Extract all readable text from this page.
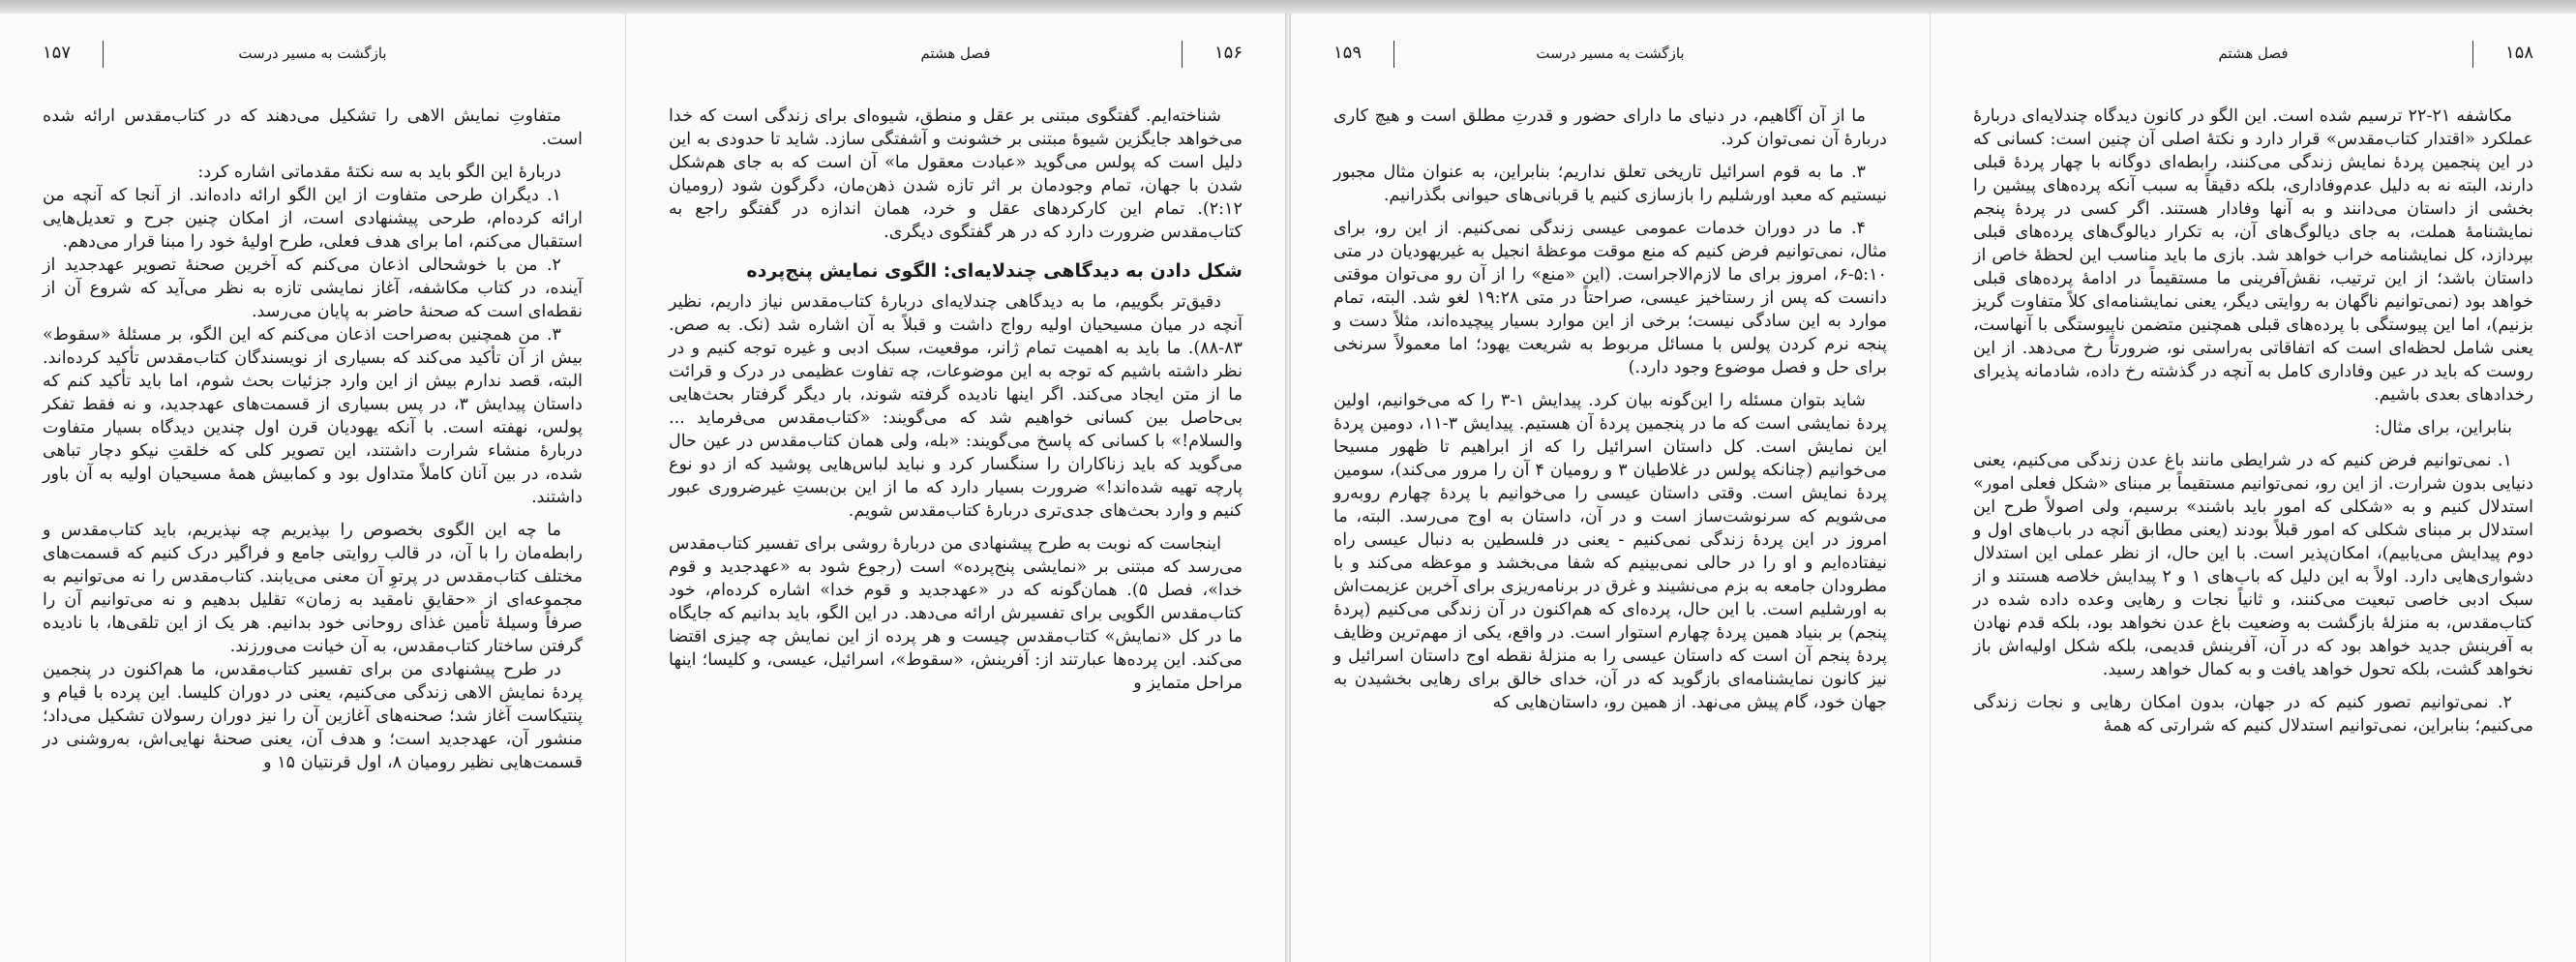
۱۵۷	بازگشت به مسیر درست

متفاوتِ نمایش الاهی را تشکیل می‌دهند که در کتاب‌مقدس ارائه شده است.

دربارهٔ این الگو باید به سه نکتهٔ مقدماتی اشاره کرد:

۱. دیگران طرحی متفاوت از این الگو ارائه داده‌اند. از آنجا که آنچه من ارائه کرده‌ام، طرحی پیشنهادی است، از امکان چنین جرح و تعدیل‌هایی استقبال می‌کنم، اما برای هدف فعلی، طرح اولیهٔ خود را مبنا قرار می‌دهم.

۲. من با خوشحالی اذعان می‌کنم که آخرین صحنهٔ تصویر عهدجدید از آینده، در کتاب مکاشفه، آغاز نمایشی تازه به نظر می‌آید که شروع آن از نقطه‌ای است که صحنهٔ حاضر به پایان می‌رسد.

۳. من همچنین به‌صراحت اذعان می‌کنم که این الگو، بر مسئلهٔ «سقوط» بیش از آن تأکید می‌کند که بسیاری از نویسندگان کتاب‌مقدس تأکید کرده‌اند. البته، قصد ندارم بیش از این وارد جزئیات بحث شوم، اما باید تأکید کنم که داستان پیدایش ۳، در پس بسیاری از قسمت‌های عهدجدید، و نه فقط تفکر پولس، نهفته است. با آنکه یهودیان قرن اول چندین دیدگاه بسیار متفاوت دربارهٔ منشاء شرارت داشتند، این تصویر کلی که خلقتِ نیکو دچار تباهی شده، در بین آنان کاملاً متداول بود و کمابیش همهٔ مسیحیان اولیه به آن باور داشتند.

ما چه این الگوی بخصوص را بپذیریم چه نپذیریم، باید کتاب‌مقدس و رابطه‌مان را با آن، در قالب روایتی جامع و فراگیر درک کنیم که قسمت‌های مختلف کتاب‌مقدس در پرتوِ آن معنی می‌یابند. کتاب‌مقدس را نه می‌توانیم به مجموعه‌ای از «حقایقِ نامقید به زمان» تقلیل بدهیم و نه می‌توانیم آن را صرفاً وسیلهٔ تأمین غذای روحانی خود بدانیم. هر یک از این تلقی‌ها، با نادیده گرفتن ساختار کتاب‌مقدس، به آن خیانت می‌ورزند.

در طرح پیشنهادی من برای تفسیر کتاب‌مقدس، ما هم‌اکنون در پنجمین پردهٔ نمایش الاهی زندگی می‌کنیم، یعنی در دوران کلیسا. این پرده با قیام و پنتیکاست آغاز شد؛ صحنه‌های آغازین آن را نیز دوران رسولان تشکیل می‌داد؛ منشور آن، عهدجدید است؛ و هدف آن، یعنی صحنهٔ نهایی‌اش، به‌روشنی در قسمت‌هایی نظیر رومیان ۸، اول قرنتیان ۱۵ و

۱۵۶
فصل هشتم

شناخته‌ایم. گفتگوی مبتنی بر عقل و منطق، شیوه‌ای برای زندگی است که خدا می‌خواهد جایگزین شیوهٔ مبتنی بر خشونت و آشفتگی سازد. شاید تا حدودی به این دلیل است که پولس می‌گوید «عبادت معقول ما» آن است که به جای هم‌شکل شدن با جهان، تمام وجودمان بر اثر تازه شدن ذهن‌مان، دگرگون شود (رومیان ۲:۱۲). تمام این کارکردهای عقل و خرد، همان اندازه در گفتگو راجع به کتاب‌مقدس ضرورت دارد که در هر گفتگوی دیگری.

شکل دادن به دیدگاهی چندلایه‌ای: الگوی نمایش پنج‌پرده

دقیق‌تر بگوییم، ما به دیدگاهی چندلایه‌ای دربارهٔ کتاب‌مقدس نیاز داریم، نظیر آنچه در میان مسیحیان اولیه رواج داشت و قبلاً به آن اشاره شد (نک. به صص. ۸۳-۸۸). ما باید به اهمیت تمام ژانر، موقعیت، سبک ادبی و غیره توجه کنیم و در نظر داشته باشیم که توجه به این موضوعات، چه تفاوت عظیمی در درک و قرائت ما از متن ایجاد می‌کند. اگر اینها نادیده گرفته شوند، بار دیگر گرفتار بحث‌هایی بی‌حاصل بین کسانی خواهیم شد که می‌گویند: «کتاب‌مقدس می‌فرماید ... والسلام!» با کسانی که پاسخ می‌گویند: «بله، ولی همان کتاب‌مقدس در عین حال می‌گوید که باید زناکاران را سنگسار کرد و نباید لباس‌هایی پوشید که از دو نوع پارچه تهیه شده‌اند!» ضرورت بسیار دارد که ما از این بن‌بستِ غیرضروری عبور کنیم و وارد بحث‌های جدی‌تری دربارهٔ کتاب‌مقدس شویم.

اینجاست که نوبت به طرح پیشنهادی من دربارهٔ روشی برای تفسیر کتاب‌مقدس می‌رسد که مبتنی بر «نمایشی پنج‌پرده» است (رجوع شود به «عهدجدید و قوم خدا»، فصل ۵). همان‌گونه که در «عهدجدید و قوم خدا» اشاره کرده‌ام، خود کتاب‌مقدس الگویی برای تفسیرش ارائه می‌دهد. در این الگو، باید بدانیم که جایگاه ما در کل «نمایش» کتاب‌مقدس چیست و هر پرده از این نمایش چه چیزی اقتضا می‌کند. این پرده‌ها عبارتند از: آفرینش، «سقوط»، اسرائیل، عیسی، و کلیسا؛ اینها مراحل متمایز و

۱۵۹	بازگشت به مسیر درست

ما از آن آگاهیم، در دنیای ما دارای حضور و قدرتِ مطلق است و هیچ کاری دربارهٔ آن نمی‌توان کرد.

۳. ما به قوم اسرائیل تاریخی تعلق نداریم؛ بنابراین، به عنوان مثال مجبور نیستیم که معبد اورشلیم را بازسازی کنیم یا قربانی‌های حیوانی بگذرانیم.

۴. ما در دوران خدمات عمومی عیسی زندگی نمی‌کنیم. از این رو، برای مثال، نمی‌توانیم فرض کنیم که منع موقت موعظهٔ انجیل به غیریهودیان در متی ۵:۱۰-۶، امروز برای ما لازم‌الاجراست. (این «منع» را از آن رو می‌توان موقتی دانست که پس از رستاخیز عیسی، صراحتاً در متی ۱۹:۲۸ لغو شد. البته، تمام موارد به این سادگی نیست؛ برخی از این موارد بسیار پیچیده‌اند، مثلاً دست و پنجه نرم کردن پولس با مسائل مربوط به شریعت یهود؛ اما معمولاً سرنخی برای حل و فصل موضوع وجود دارد.)

شاید بتوان مسئله را این‌گونه بیان کرد. پیدایش ۱-۳ را که می‌خوانیم، اولین پردهٔ نمایشی است که ما در پنجمین پردهٔ آن هستیم. پیدایش ۳-۱۱، دومین پردهٔ این نمایش است. کل داستان اسرائیل را که از ابراهیم تا ظهور مسیحا می‌خوانیم (چنانکه پولس در غلاطیان ۳ و رومیان ۴ آن را مرور می‌کند)، سومین پردهٔ نمایش است. وقتی داستان عیسی را می‌خوانیم با پردهٔ چهارم روبه‌رو می‌شویم که سرنوشت‌ساز است و در آن، داستان به اوج می‌رسد. البته، ما امروز در این پردهٔ زندگی نمی‌کنیم - یعنی در فلسطین به دنبال عیسی راه نیفتاده‌ایم و او را در حالی نمی‌بینیم که شفا می‌بخشد و موعظه می‌کند و با مطرودان جامعه به بزم می‌نشیند و غرق در برنامه‌ریزی برای آخرین عزیمت‌اش به اورشلیم است. با این حال، پرده‌ای که هم‌اکنون در آن زندگی می‌کنیم (پردهٔ پنجم) بر بنیاد همین پردهٔ چهارم استوار است. در واقع، یکی از مهم‌ترین وظایف پردهٔ پنجم آن است که داستان عیسی را به منزلهٔ نقطه اوج داستان اسرائیل و نیز کانون نمایشنامه‌ای بازگوید که در آن، خدای خالق برای رهایی بخشیدن به جهان خود، گام پیش می‌نهد. از همین رو، داستان‌هایی که

۱۵۸
فصل هشتم

مکاشفه ۲۱-۲۲ ترسیم شده است. این الگو در کانون دیدگاه چندلایه‌ای دربارهٔ عملکرد «اقتدار کتاب‌مقدس» قرار دارد و نکتهٔ اصلی آن چنین است: کسانی که در این پنجمین پردهٔ نمایش زندگی می‌کنند، رابطه‌ای دوگانه با چهار پردهٔ قبلی دارند، البته نه به دلیل عدم‌وفاداری، بلکه دقیقاً به سبب آنکه پرده‌های پیشین را بخشی از داستان می‌دانند و به آنها وفادار هستند. اگر کسی در پردهٔ پنجم نمایشنامهٔ هملت، به جای دیالوگ‌های آن، به تکرار دیالوگ‌های پرده‌های قبلی بپردازد، کل نمایشنامه خراب خواهد شد. بازی ما باید مناسب این لحظهٔ خاص از داستان باشد؛ از این ترتیب، نقش‌آفرینی ما مستقیماً در ادامهٔ پرده‌های قبلی خواهد بود (نمی‌توانیم ناگهان به روایتی دیگر، یعنی نمایشنامه‌ای کلاً متفاوت گریز بزنیم)، اما این پیوستگی با پرده‌های قبلی همچنین متضمن ناپیوستگی با آنهاست، یعنی شامل لحظه‌ای است که اتفاقاتی به‌راستی نو، ضرورتاً رخ می‌دهد. از این روست که باید در عین وفاداری کامل به آنچه در گذشته رخ داده، شادمانه پذیرای رخدادهای بعدی باشیم.

بنابراین، برای مثال:

۱. نمی‌توانیم فرض کنیم که در شرایطی مانند باغ عدن زندگی می‌کنیم، یعنی دنیایی بدون شرارت. از این رو، نمی‌توانیم مستقیماً بر مبنای «شکل فعلی امور» استدلال کنیم و به «شکلی که امور باید باشند» برسیم، ولی اصولاً طرح این استدلال بر مبنای شکلی که امور قبلاً بودند (یعنی مطابق آنچه در باب‌های اول و دوم پیدایش می‌یابیم)، امکان‌پذیر است. با این حال، از نظر عملی این استدلال دشواری‌هایی دارد. اولاً به این دلیل که باب‌های ۱ و ۲ پیدایش خلاصه هستند و از سبک ادبی خاصی تبعیت می‌کنند، و ثانیاً نجات و رهایی وعده داده شده در کتاب‌مقدس، به منزلهٔ بازگشت به وضعیت باغ عدن نخواهد بود، بلکه قدم نهادن به آفرینش جدید خواهد بود که در آن، آفرینش قدیمی، بلکه شکل اولیه‌اش باز نخواهد گشت، بلکه تحول خواهد یافت و به کمال خواهد رسید.

۲. نمی‌توانیم تصور کنیم که در جهان، بدون امکان رهایی و نجات زندگی می‌کنیم؛ بنابراین، نمی‌توانیم استدلال کنیم که شرارتی که همهٔ
